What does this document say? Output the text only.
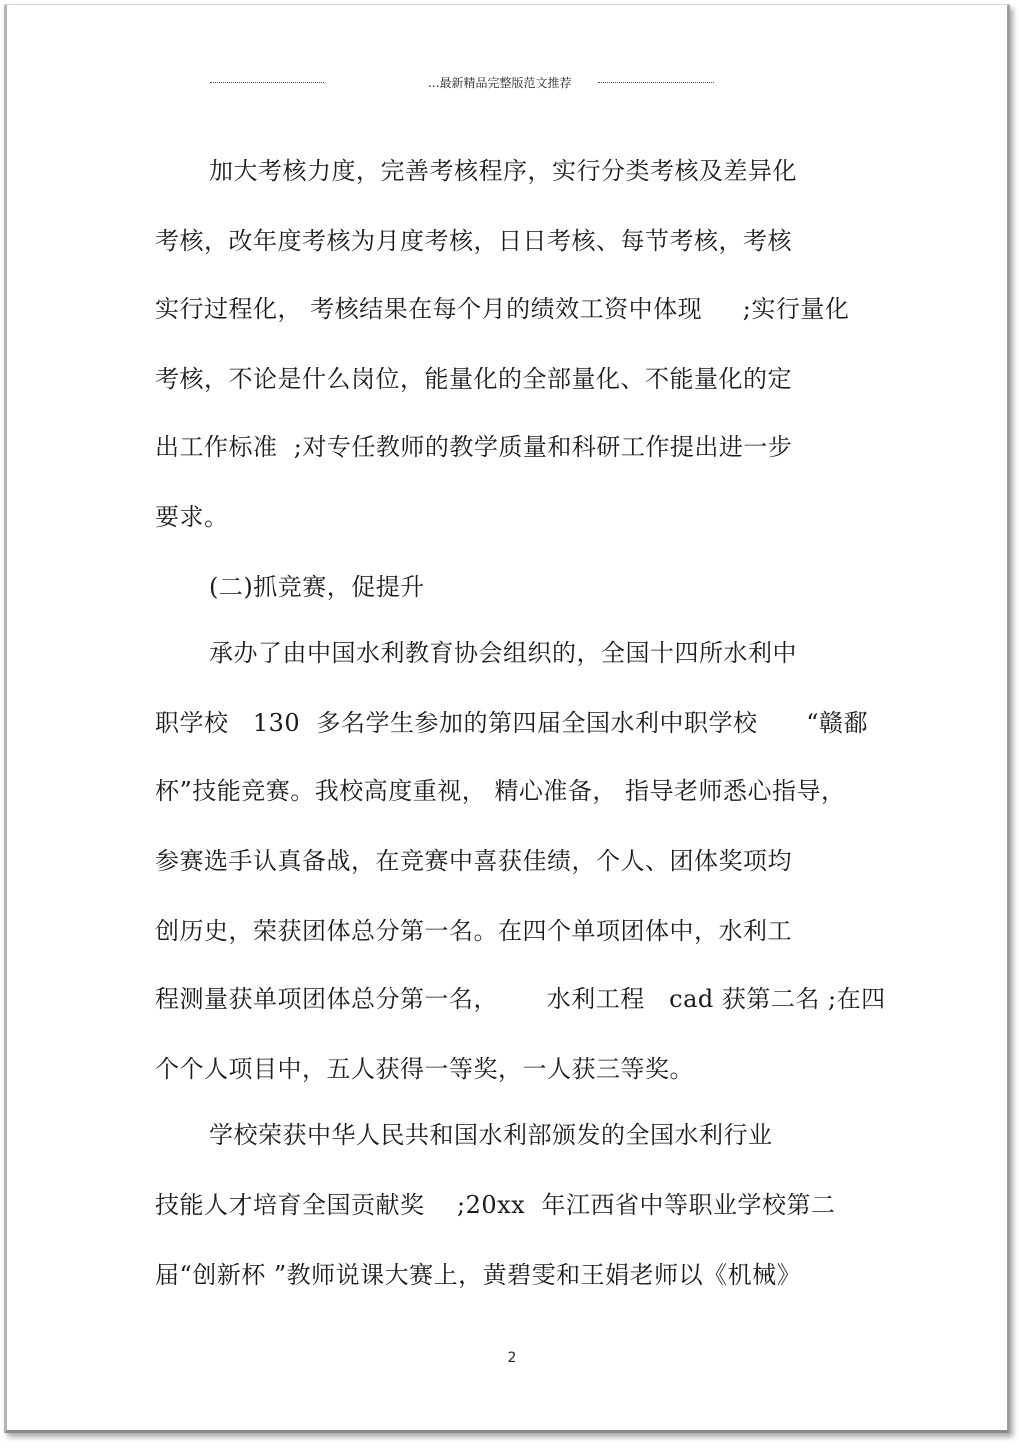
...最新精品完整版范文推荐
加大考核力度，完善考核程序，实行分类考核及差异化
考核，改年度考核为月度考核，日日考核、每节考核，考核
实行过程化， 考核结果在每个月的绩效工资中体现     ;实行量化
考核，不论是什么岗位，能量化的全部量化、不能量化的定
出工作标准  ;对专任教师的教学质量和科研工作提出进一步
要求。
(二)抓竞赛，促提升
承办了由中国水利教育协会组织的，全国十四所水利中
职学校   130  多名学生参加的第四届全国水利中职学校      “赣鄱
杯”技能竞赛。我校高度重视， 精心准备， 指导老师悉心指导，
参赛选手认真备战，在竞赛中喜获佳绩，个人、团体奖项均
创历史，荣获团体总分第一名。在四个单项团体中，水利工
程测量获单项团体总分第一名，      水利工程   cad 获第二名 ;在四
个个人项目中，五人获得一等奖，一人获三等奖。
学校荣获中华人民共和国水利部颁发的全国水利行业
技能人才培育全国贡献奖    ;20xx  年江西省中等职业学校第二
届“创新杯 ”教师说课大赛上，黄碧雯和王娟老师以《机械》
2
